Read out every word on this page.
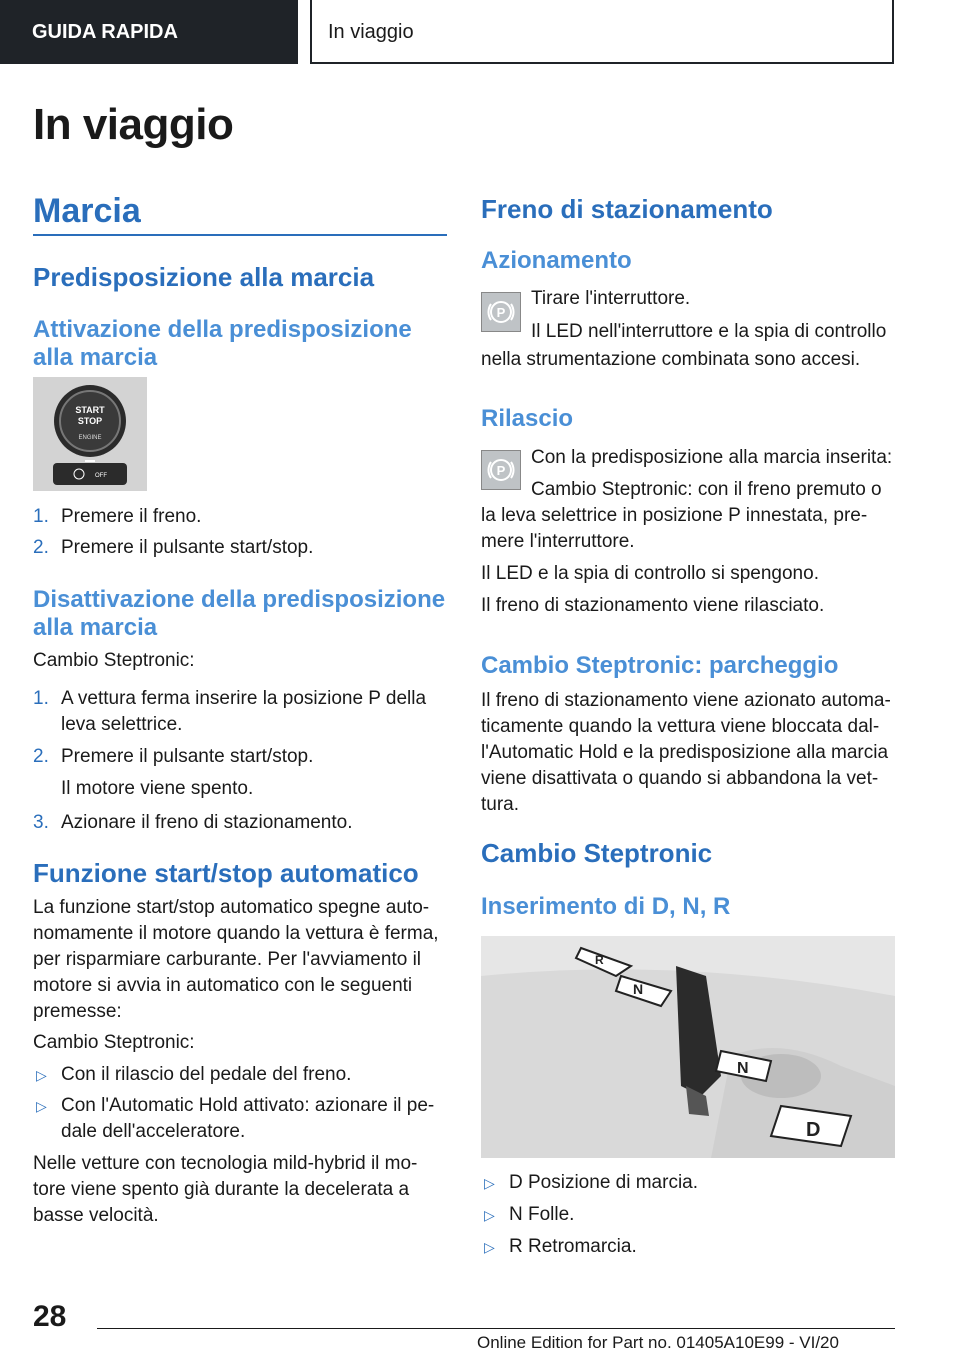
GUIDA RAPIDA	In viaggio
In viaggio
Marcia
Predisposizione alla marcia
Attivazione della predisposizione
alla marcia
START
STOP
ENGINE
OFF
1. Premere il freno.

2. Premere il pulsante start/stop.

Disattivazione della predisposizione
alla marcia

Cambio Steptronic:

1. A vettura ferma inserire la posizione P della
leva selettrice.

2. Premere il pulsante start/stop.

Il motore viene spento.

3. Azionare il freno di stazionamento.

Funzione start/stop automatico

La funzione start/stop automatico spegne auto-
nomamente il motore quando la vettura è ferma,
per risparmiare carburante. Per l'avviamento il
motore si avvia in automatico con le seguenti
premesse:

Cambio Steptronic:

▷ Con il rilascio del pedale del freno.

▷ Con l'Automatic Hold attivato: azionare il pe-
dale dell'acceleratore.

Nelle vetture con tecnologia mild-hybrid il mo-
tore viene spento già durante la decelerata a
basse velocità.

Freno di stazionamento
Azionamento
P

Tirare l'interruttore.

Il LED nell'interruttore e la spia di controllo

nella strumentazione combinata sono accesi.

Rilascio
P

Con la predisposizione alla marcia inserita:

Cambio Steptronic: con il freno premuto o

la leva selettrice in posizione P innestata, pre-

mere l'interruttore.

Il LED e la spia di controllo si spengono.

Il freno di stazionamento viene rilasciato.

Cambio Steptronic: parcheggio

Il freno di stazionamento viene azionato automa-
ticamente quando la vettura viene bloccata dal-
l'Automatic Hold e la predisposizione alla marcia
viene disattivata o quando si abbandona la vet-
tura.

Cambio Steptronic
Inserimento di D, N, R
R
N
N
D
▷ D Posizione di marcia.

▷ N Folle.

▷ R Retromarcia.

28
Online Edition for Part no. 01405A10E99 - VI/20
